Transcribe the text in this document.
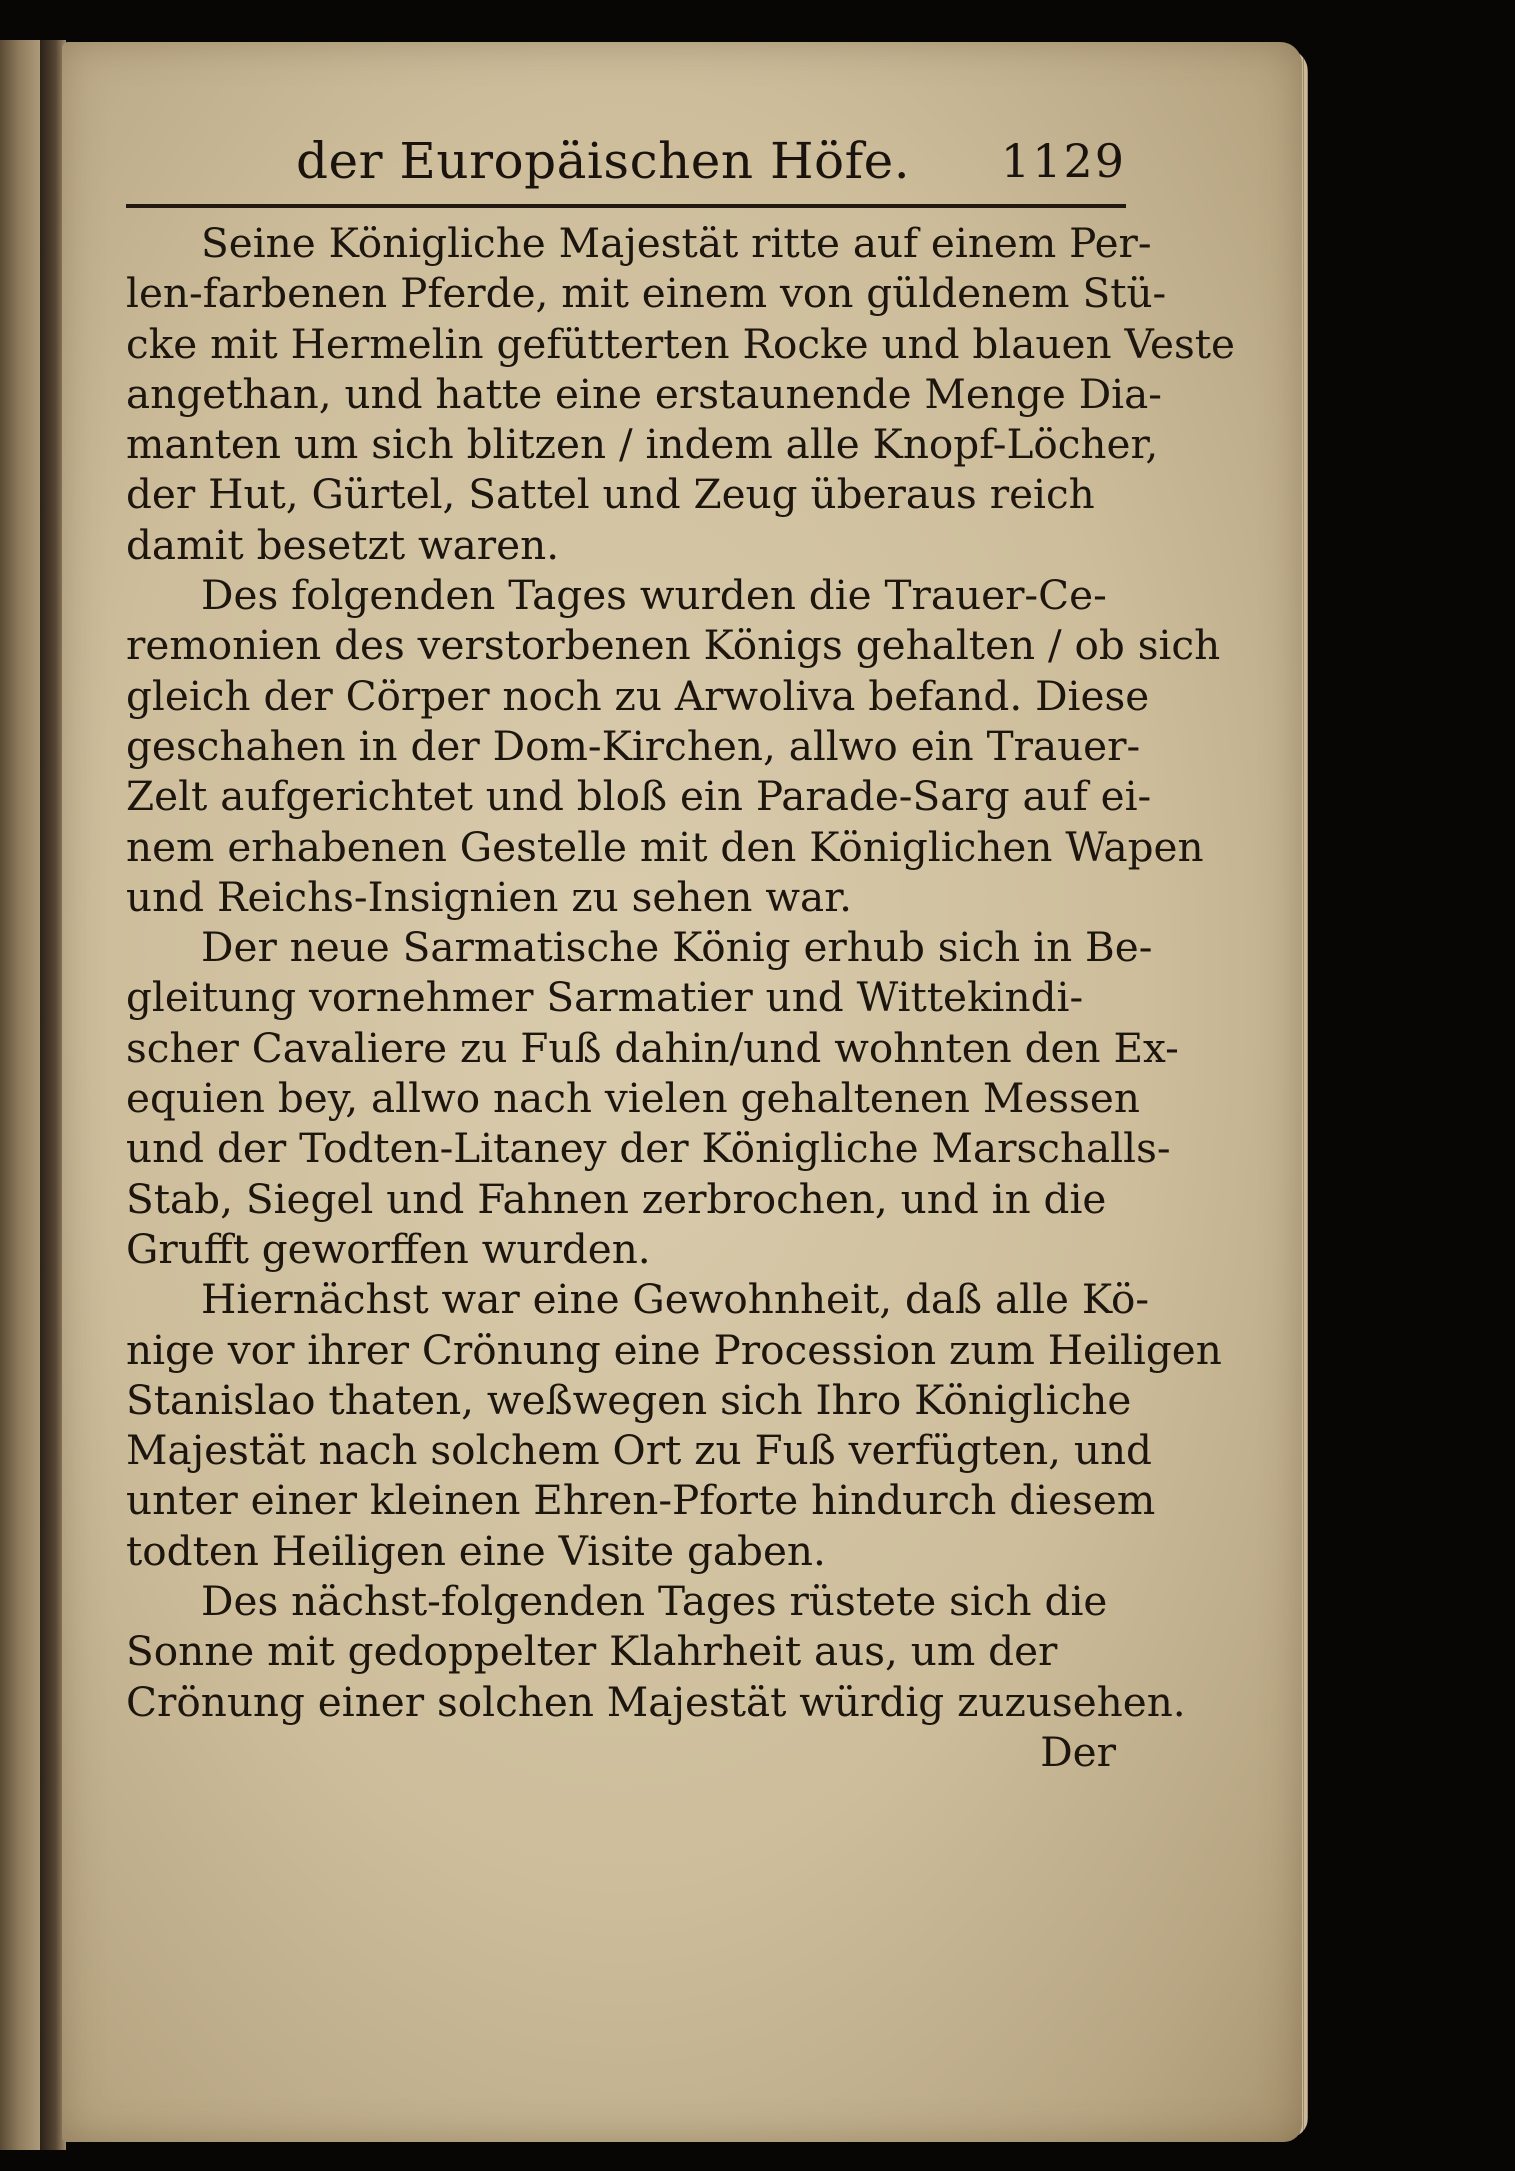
der Europäischen Höfe. 1129
Seine Königliche Majestät ritte auf einem Per-
len-farbenen Pferde, mit einem von güldenem Stü-
cke mit Hermelin gefütterten Rocke und blauen Veste
angethan, und hatte eine erstaunende Menge Dia-
manten um sich blitzen / indem alle Knopf-Löcher,
der Hut, Gürtel, Sattel und Zeug überaus reich
damit besetzt waren.
Des folgenden Tages wurden die Trauer-Ce-
remonien des verstorbenen Königs gehalten / ob sich
gleich der Cörper noch zu Arwoliva befand. Diese
geschahen in der Dom-Kirchen, allwo ein Trauer-
Zelt aufgerichtet und bloß ein Parade-Sarg auf ei-
nem erhabenen Gestelle mit den Königlichen Wapen
und Reichs-Insignien zu sehen war.
Der neue Sarmatische König erhub sich in Be-
gleitung vornehmer Sarmatier und Wittekindi-
scher Cavaliere zu Fuß dahin/und wohnten den Ex-
equien bey, allwo nach vielen gehaltenen Messen
und der Todten-Litaney der Königliche Marschalls-
Stab, Siegel und Fahnen zerbrochen, und in die
Grufft geworffen wurden.
Hiernächst war eine Gewohnheit, daß alle Kö-
nige vor ihrer Crönung eine Procession zum Heiligen
Stanislao thaten, weßwegen sich Ihro Königliche
Majestät nach solchem Ort zu Fuß verfügten, und
unter einer kleinen Ehren-Pforte hindurch diesem
todten Heiligen eine Visite gaben.
Des nächst-folgenden Tages rüstete sich die
Sonne mit gedoppelter Klahrheit aus, um der
Crönung einer solchen Majestät würdig zuzusehen.
Der
